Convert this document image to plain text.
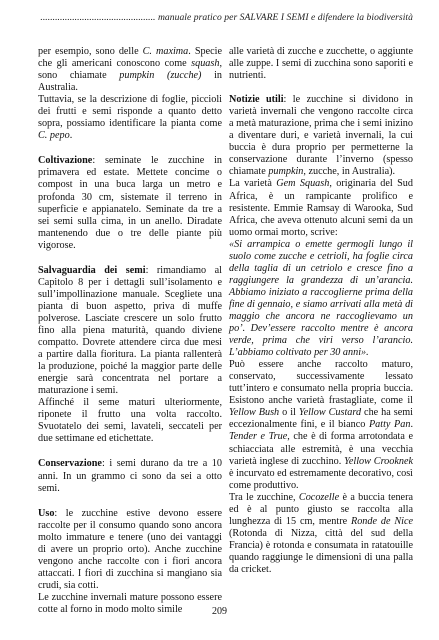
............................................... manuale pratico per SALVARE I SEMI e difendere la biodiversità

per esempio, sono delle C. maxima. Specie che gli americani conoscono come squash, sono chiamate pumpkin (zucche) in Australia.

Tuttavia, se la descrizione di foglie, piccioli dei frutti e semi risponde a quanto detto sopra, possiamo identificare la pianta come C. pepo.

Coltivazione: seminate le zucchine in primavera ed estate. Mettete concime o compost in una buca larga un metro e profonda 30 cm, sistemate il terreno in superficie e appianatelo. Seminate da tre a sei semi sulla cima, in un anello. Diradate mantenendo due o tre delle piante più vigorose.

Salvaguardia dei semi: rimandiamo al Capitolo 8 per i dettagli sull’isolamento e sull’impollinazione manuale. Scegliete una pianta di buon aspetto, priva di muffe polverose. Lasciate crescere un solo frutto fino alla piena maturità, quando diviene compatto. Dovrete attendere circa due mesi a partire dalla fioritura. La pianta rallenterà la produzione, poiché la maggior parte delle energie sarà concentrata nel portare a maturazione i semi.

Affinché il seme maturi ulteriormente, riponete il frutto una volta raccolto. Svuotatelo dei semi, lavateli, seccateli per due settimane ed etichettate.

Conservazione: i semi durano da tre a 10 anni. In un grammo ci sono da sei a otto semi.

Uso: le zucchine estive devono essere raccolte per il consumo quando sono ancora molto immature e tenere (uno dei vantaggi di avere un proprio orto). Anche zucchine vengono anche raccolte con i fiori ancora attaccati. I fiori di zucchina si mangiano sia crudi, sia cotti.

Le zucchine invernali mature possono essere cotte al forno in modo molto simile

alle varietà di zucche e zucchette, o aggiunte alle zuppe. I semi di zucchina sono saporiti e nutrienti.

Notizie utili: le zucchine si dividono in varietà invernali che vengono raccolte circa a metà maturazione, prima che i semi inizino a diventare duri, e varietà invernali, la cui buccia è dura proprio per permetterne la conservazione durante l’inverno (spesso chiamate pumpkin, zucche, in Australia).

La varietà Gem Squash, originaria del Sud Africa, è un rampicante prolifico e resistente. Emmie Ramsay di Warooka, Sud Africa, che aveva ottenuto alcuni semi da un uomo ormai morto, scrive:

«Si arrampica o emette germogli lungo il suolo come zucche e cetrioli, ha foglie circa della taglia di un cetriolo e cresce fino a raggiungere la grandezza di un’arancia. Abbiamo iniziato a raccoglierne prima della fine di gennaio, e siamo arrivati alla metà di maggio che ancora ne raccoglievamo un po’. Dev’essere raccolto mentre è ancora verde, prima che viri verso l’arancio. L’abbiamo coltivato per 30 anni».

Può essere anche raccolto maturo, conservato, successivamente lessato tutt’intero e consumato nella propria buccia. Esistono anche varietà frastagliate, come il Yellow Bush o il Yellow Custard che ha semi eccezionalmente fini, e il bianco Patty Pan. Tender e True, che è di forma arrotondata e schiacciata alle estremità, è una vecchia varietà inglese di zucchino. Yellow Crooknek è incurvato ed estremamente decorativo, così come produttivo.

Tra le zucchine, Cocozelle è a buccia tenera ed è al punto giusto se raccolta alla lunghezza di 15 cm, mentre Ronde de Nice (Rotonda di Nizza, città del sud della Francia) è rotonda e consumata in ratatouille quando raggiunge le dimensioni di una palla da cricket.

209
